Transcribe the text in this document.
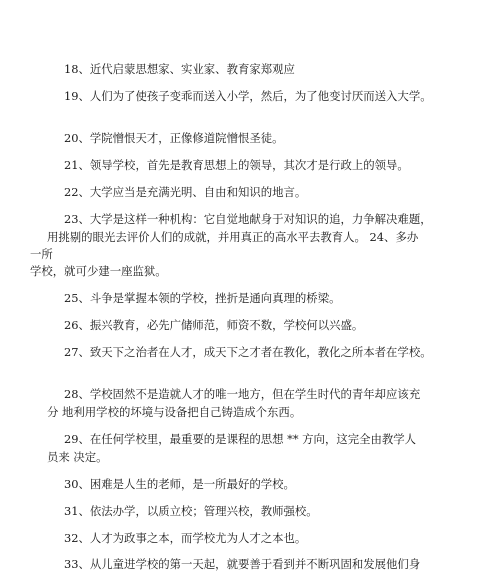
18、近代启蒙思想家、实业家、教育家郑观应

19、人们为了使孩子变乖而送入小学，然后，为了他变讨厌而送入大学。

20、学院憎恨天才，正像修道院憎恨圣徒。

21、领导学校，首先是教育思想上的领导，其次才是行政上的领导。

22、大学应当是充满光明、自由和知识的地言。

23、大学是这样一种机构：它自觉地献身于对知识的追，力争解决难题，

用挑剔的眼光去评价人们的成就，并用真正的高水平去教育人。 24、多办

一所

学校，就可少建一座监狱。

25、斗争是掌握本领的学校，挫折是通向真理的桥梁。

26、振兴教育，必先广储师范，师资不数，学校何以兴盛。

27、致天下之治者在人才，成天下之才者在教化，教化之所本者在学校。

28、学校固然不是造就人才的唯一地方，但在学生时代的青年却应该充

分 地利用学校的坏境与设备把自己铸造成个东西。

29、在任何学校里，最重要的是课程的思想 ** 方向，这完全由教学人

员来 决定。

30、困难是人生的老师，是一所最好的学校。

31、依法办学，以质立校；管理兴校，教师强校。

32、人才为政事之本，而学校尤为人才之本也。

33、从儿童进学校的第一天起，就要善于看到并不断巩固和发展他们身
